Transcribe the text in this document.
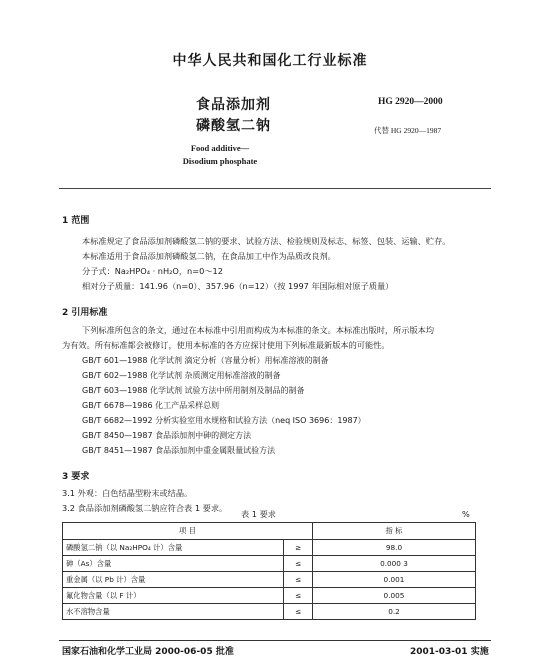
中华人民共和国化工行业标准
食品添加剂
磷酸氢二钠
HG 2920—2000
代替 HG 2920—1987
Food additive—
Disodium phosphate
1 范围
本标准规定了食品添加剂磷酸氢二钠的要求、试验方法、检验规则及标志、标签、包装、运输、贮存。
本标准适用于食品添加剂磷酸氢二钠，在食品加工中作为品质改良剂。
分子式：Na₂HPO₄ · nH₂O，n=0～12
相对分子质量：141.96（n=0）、357.96（n=12）（按 1997 年国际相对原子质量）
2 引用标准
下列标准所包含的条文，通过在本标准中引用而构成为本标准的条文。本标准出版时，所示版本均
为有效。所有标准都会被修订，使用本标准的各方应探讨使用下列标准最新版本的可能性。
GB/T 601—1988 化学试剂 滴定分析（容量分析）用标准溶液的制备
GB/T 602—1988 化学试剂 杂质测定用标准溶液的制备
GB/T 603—1988 化学试剂 试验方法中所用制剂及制品的制备
GB/T 6678—1986 化工产品采样总则
GB/T 6682—1992 分析实验室用水规格和试验方法（neq ISO 3696：1987）
GB/T 8450—1987 食品添加剂中砷的测定方法
GB/T 8451—1987 食品添加剂中重金属限量试验方法
3 要求
3.1 外观：白色结晶型粉末或结晶。
3.2 食品添加剂磷酸氢二钠应符合表 1 要求。
表 1 要求	%
项 目		指 标
磷酸氢二钠（以 Na₂HPO₄ 计）含量	≥	98.0
砷（As）含量	≤	0.000 3
重金属（以 Pb 计）含量	≤	0.001
氟化物含量（以 F 计）	≤	0.005
水不溶物含量	≤	0.2
国家石油和化学工业局 2000-06-05 批准	2001-03-01 实施
